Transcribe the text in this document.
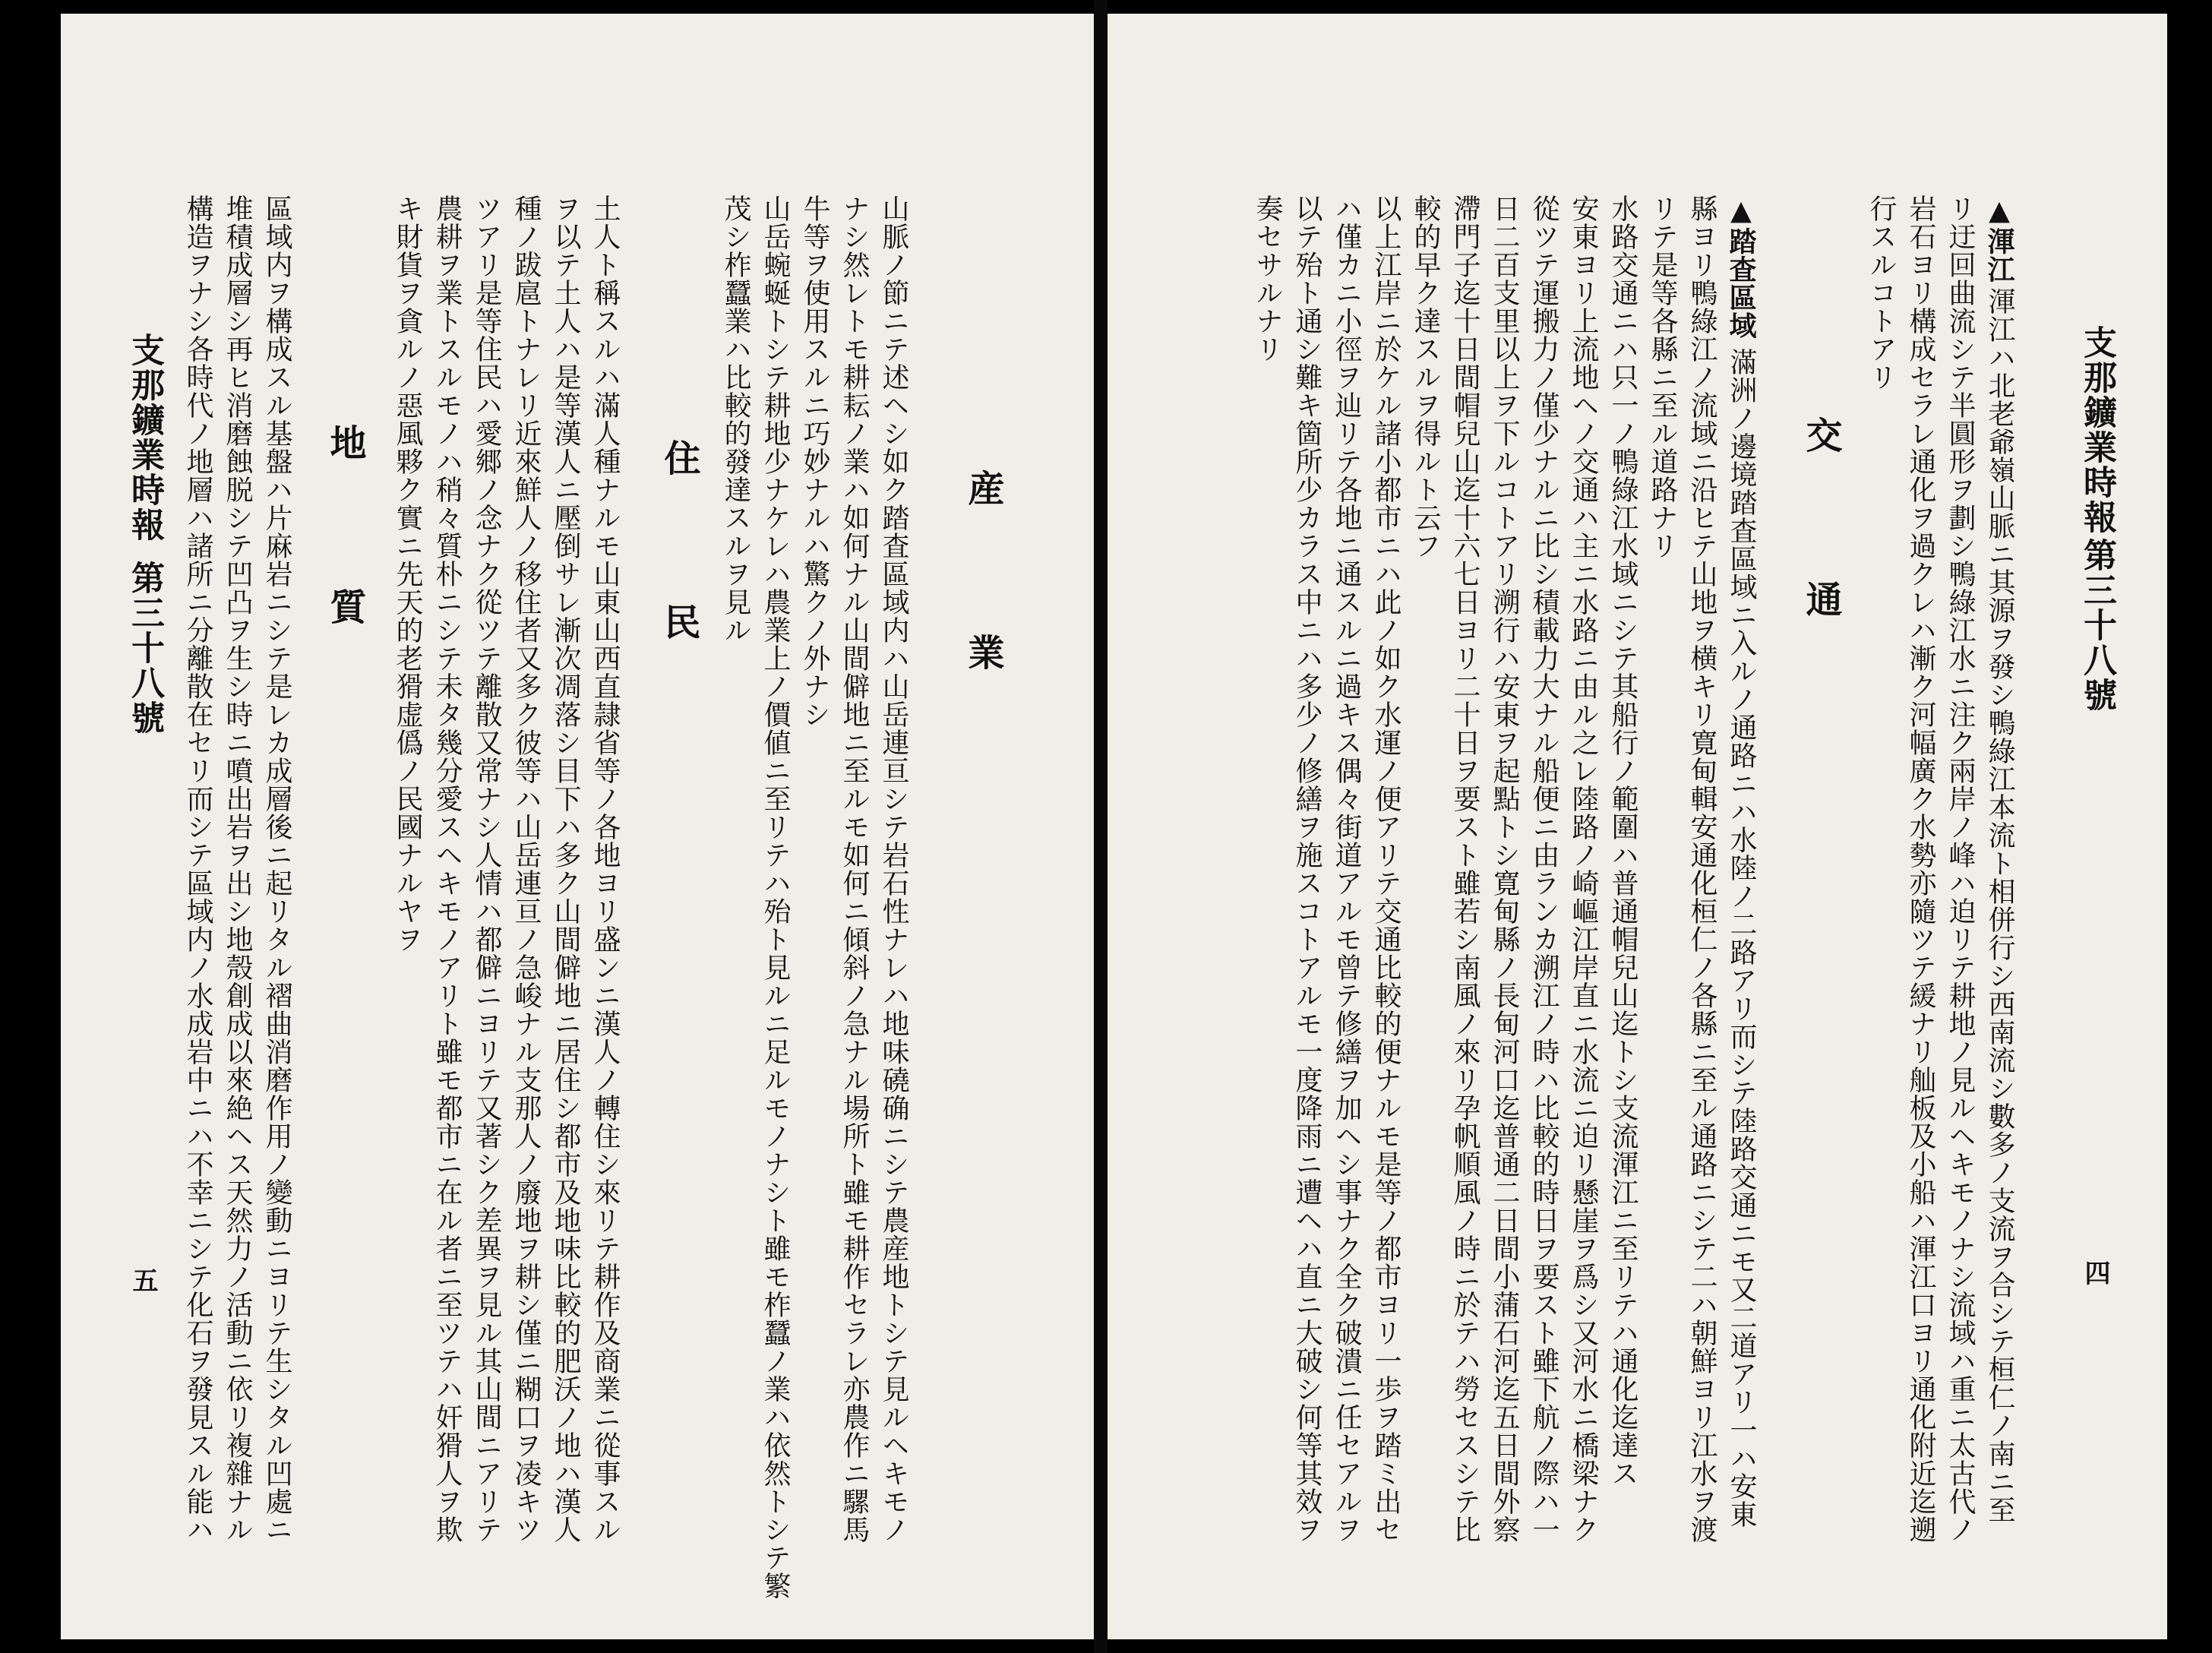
支那鑛業時報
第三十八號
五
産　業
山脈ノ節ニテ述ヘシ如ク踏査區域内ハ山岳連亘シテ岩石性ナレハ地味磽确ニシテ農産地トシテ見ルヘキモノ
ナシ然レトモ耕耘ノ業ハ如何ナル山間僻地ニ至ルモ如何ニ傾斜ノ急ナル場所ト雖モ耕作セラレ亦農作ニ騾馬
牛等ヲ使用スルニ巧妙ナルハ驚クノ外ナシ
山岳蜿蜒トシテ耕地少ナケレハ農業上ノ價値ニ至リテハ殆ト見ルニ足ルモノナシト雖モ柞蠶ノ業ハ依然トシテ繁
茂シ柞蠶業ハ比較的發達スルヲ見ル
住　民
土人ト稱スルハ滿人種ナルモ山東山西直隷省等ノ各地ヨリ盛ンニ漢人ノ轉住シ來リテ耕作及商業ニ從事スル
ヲ以テ土人ハ是等漢人ニ壓倒サレ漸次凋落シ目下ハ多ク山間僻地ニ居住シ都市及地味比較的肥沃ノ地ハ漢人
種ノ跋扈トナレリ近來鮮人ノ移住者又多ク彼等ハ山岳連亘ノ急峻ナル支那人ノ廢地ヲ耕シ僅ニ糊口ヲ凌キツ
ツアリ是等住民ハ愛郷ノ念ナク從ツテ離散又常ナシ人情ハ都僻ニヨリテ又著シク差異ヲ見ル其山間ニアリテ
農耕ヲ業トスルモノハ稍々質朴ニシテ未タ幾分愛スヘキモノアリト雖モ都市ニ在ル者ニ至ツテハ奸猾人ヲ欺
キ財貨ヲ貪ルノ惡風夥ク實ニ先天的老猾虚僞ノ民國ナルヤヲ
地　質
區域内ヲ構成スル基盤ハ片麻岩ニシテ是レカ成層後ニ起リタル褶曲消磨作用ノ變動ニヨリテ生シタル凹處ニ
堆積成層シ再ヒ消磨蝕脱シテ凹凸ヲ生シ時ニ噴出岩ヲ出シ地殼創成以來絶ヘス天然力ノ活動ニ依リ複雜ナル
構造ヲナシ各時代ノ地層ハ諸所ニ分離散在セリ而シテ區域内ノ水成岩中ニハ不幸ニシテ化石ヲ發見スル能ハ	支那鑛業時報
第三十八號
四
▲渾江
渾江ハ北老爺嶺山脈ニ其源ヲ發シ鴨綠江本流ト相併行シ西南流シ數多ノ支流ヲ合シテ桓仁ノ南ニ至
リ迂回曲流シテ半圓形ヲ劃シ鴨綠江水ニ注ク兩岸ノ峰ハ迫リテ耕地ノ見ルヘキモノナシ流域ハ重ニ太古代ノ
岩石ヨリ構成セラレ通化ヲ過クレハ漸ク河幅廣ク水勢亦隨ツテ緩ナリ舢板及小船ハ渾江口ヨリ通化附近迄遡
行スルコトアリ
交　通
▲踏査區域
滿洲ノ邊境踏査區域ニ入ルノ通路ニハ水陸ノ二路アリ而シテ陸路交通ニモ又二道アリ一ハ安東
縣ヨリ鴨綠江ノ流域ニ沿ヒテ山地ヲ横キリ寛甸輯安通化桓仁ノ各縣ニ至ル通路ニシテ二ハ朝鮮ヨリ江水ヲ渡
リテ是等各縣ニ至ル道路ナリ
水路交通ニハ只一ノ鴨綠江水域ニシテ其船行ノ範圍ハ普通帽兒山迄トシ支流渾江ニ至リテハ通化迄達ス
安東ヨリ上流地ヘノ交通ハ主ニ水路ニ由ル之レ陸路ノ崎嶇江岸直ニ水流ニ迫リ懸崖ヲ爲シ又河水ニ橋梁ナク
從ツテ運搬力ノ僅少ナルニ比シ積載力大ナル船便ニ由ランカ溯江ノ時ハ比較的時日ヲ要スト雖下航ノ際ハ一
日二百支里以上ヲ下ルコトアリ溯行ハ安東ヲ起點トシ寛甸縣ノ長甸河口迄普通二日間小蒲石河迄五日間外察
滯門子迄十日間帽兒山迄十六七日ヨリ二十日ヲ要スト雖若シ南風ノ來リ孕帆順風ノ時ニ於テハ勞セスシテ比
較的早ク達スルヲ得ルト云フ
以上江岸ニ於ケル諸小都市ニハ此ノ如ク水運ノ便アリテ交通比較的便ナルモ是等ノ都市ヨリ一歩ヲ踏ミ出セ
ハ僅カニ小徑ヲ辿リテ各地ニ通スルニ過キス偶々街道アルモ曾テ修繕ヲ加ヘシ事ナク全ク破潰ニ任セアルヲ
以テ殆ト通シ難キ箇所少カラス中ニハ多少ノ修繕ヲ施スコトアルモ一度降雨ニ遭ヘハ直ニ大破シ何等其效ヲ
奏セサルナリ
